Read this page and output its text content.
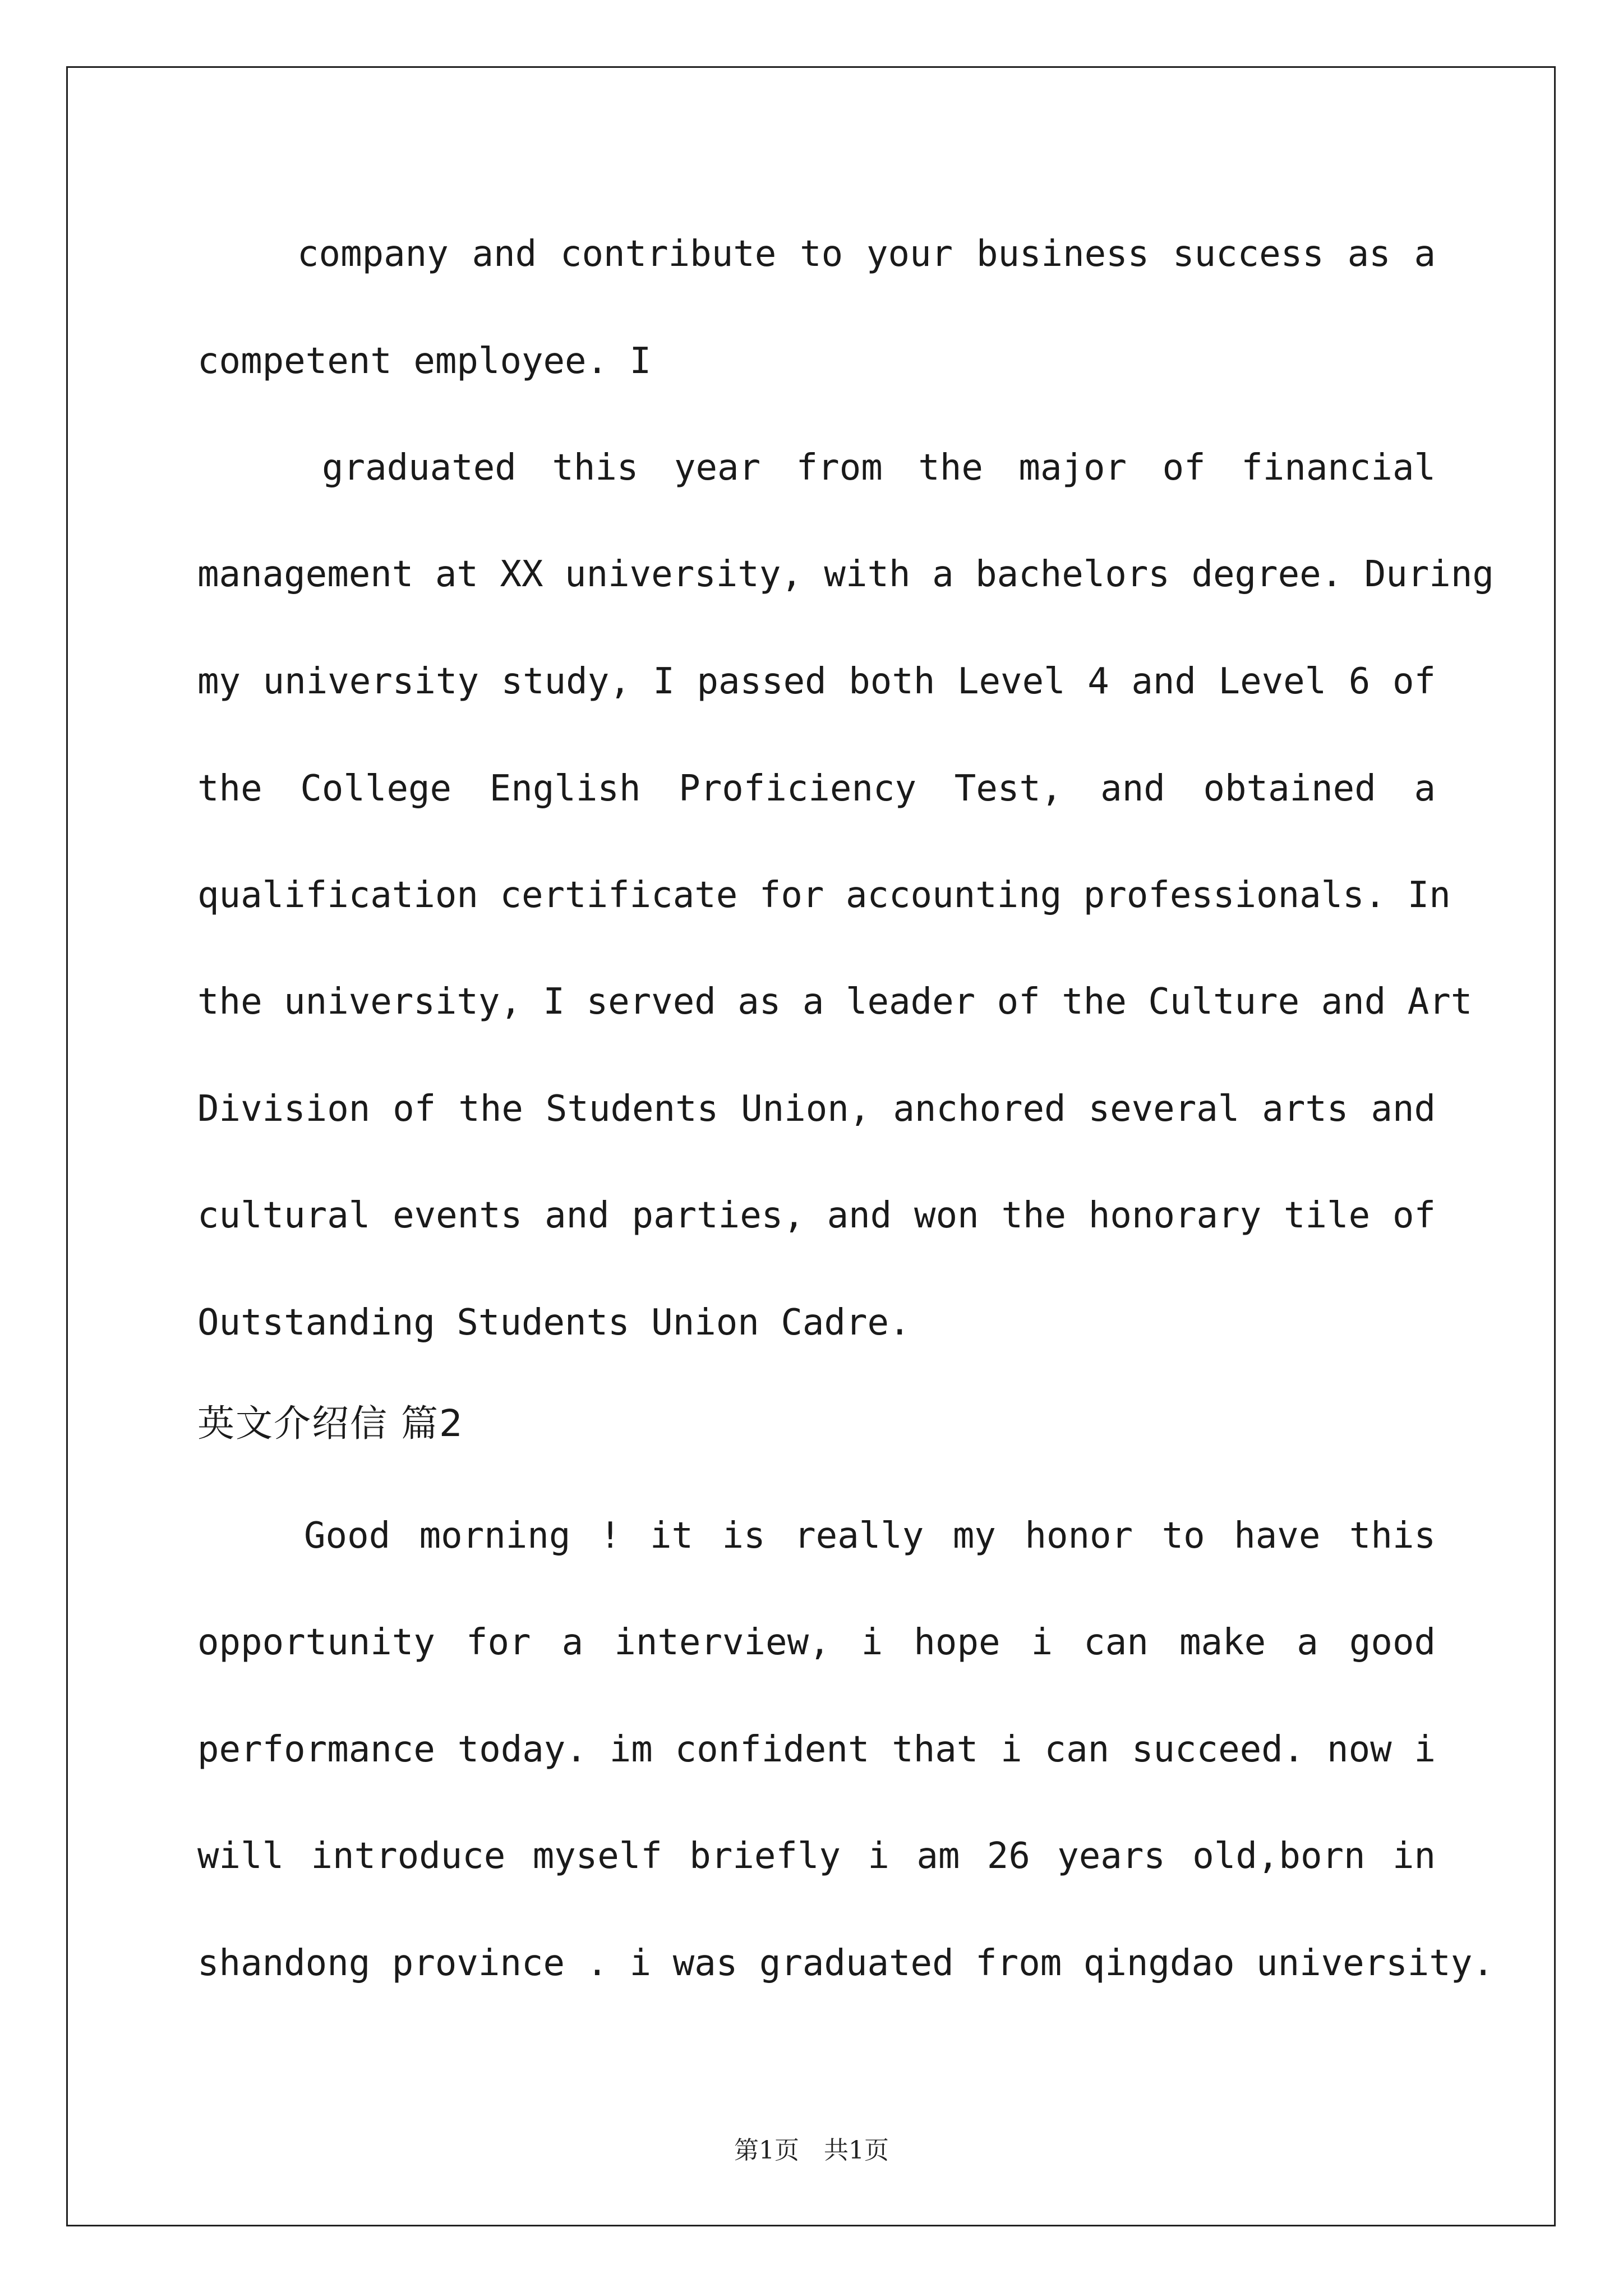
company and contribute to your business success as a
competent employee. I
graduated this year from the major of financial
management at XX university, with a bachelors degree. During
my university study, I passed both Level 4 and Level 6 of
the College English Proficiency Test, and obtained a
qualification certificate for accounting professionals. In
the university, I served as a leader of the Culture and Art
Division of the Students Union, anchored several arts and
cultural events and parties, and won the honorary tile of
Outstanding Students Union Cadre.
英文介绍信 篇2
Good morning ! it is really my honor to have this
opportunity for a interview, i hope i can make a good
performance today. im confident that i can succeed. now i
will introduce myself briefly i am 26 years old,born in
shandong province . i was graduated from qingdao university.
第1页　共1页
